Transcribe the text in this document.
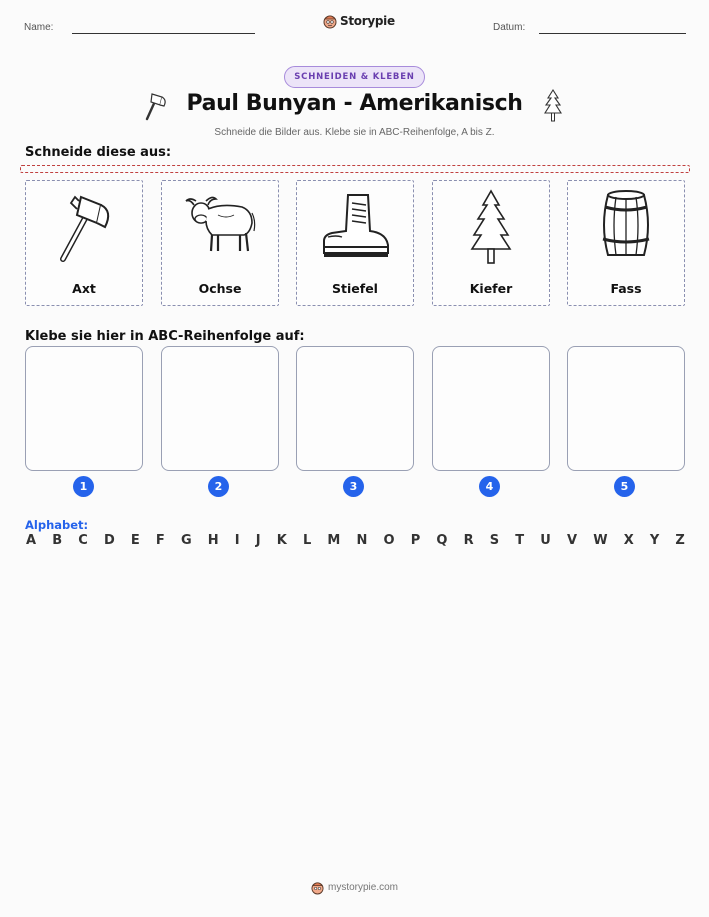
Name:	Storypie	Datum:
SCHNEIDEN & KLEBEN
Paul Bunyan - Amerikanisch
Schneide die Bilder aus. Klebe sie in ABC-Reihenfolge, A bis Z.
Schneide diese aus:
Axt	Ochse	Stiefel	Kiefer	Fass
Klebe sie hier in ABC-Reihenfolge auf:
1	2	3	4	5
Alphabet:
A B C D E F G H I J K L M N O P Q R S T U V W X Y Z
mystorypie.com
